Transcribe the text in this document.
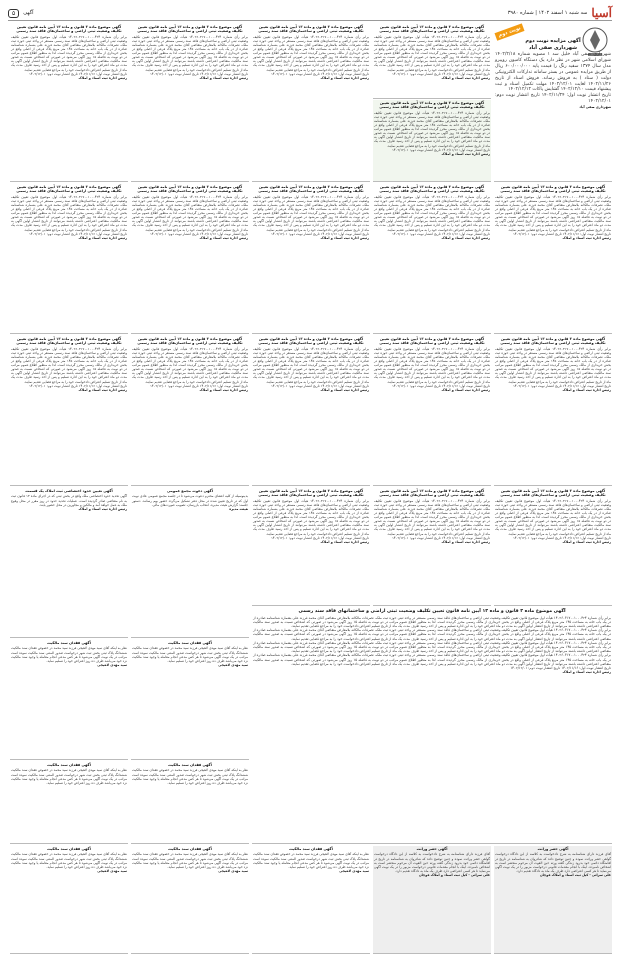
آسیا
سه شنبه ۱ اسفند ۱۴۰۲ | شماره ۳۹۸۰
آگهی
۵
نوبت دوم
آگهی مزایده نوبت دوم
شهرداری صفی آباد

شهرداری صفی آباد خلیل سد ۱ مصوبه شماره ۱۴۰۲/۲/۱۸ شورای اسلامی شهر در نظر دارد یک دستگاه کامیون روپیرو مدل سال ۱۳۷۴ سفید رنگ را قیمت پایه ۶۰۰/۰۰۰/۰۰۰ ریال از طریق مزایده عمومی در بستر سامانه تدارکات الکترونیکی دولت ( ستاد ) به فروش رساند. فروش اسناد از تاریخ ۱۴۰۲/۱۱/۲۶ لغایت ۱۴۰۲/۱۲/۰۱ مهلت تکمیل اسناد و ثبت پیشنهاد قیمت ۱۴۰۲/۱۲/۱۰ گشایش پاکات ۱۴۰۲/۱۲/۱۲

تاریخ انتشار نوبت اول: ۱۴۰۲/۱۱/۲۴ تاریخ انتشار نوبت دوم: ۱۴۰۲/۱۲/۰۱

شهرداری صفی آباد
آگهی موضوع ماده ۳ قانون و ماده ۱۳ آیین نامه قانون تعیین تکلیف وضعیت ثبتی اراضی و ساختمان‌های فاقد سند رسمی

برابر رأی شماره ۱۴۰۲۶۰۳۱۷۰۰۱۰۰۰۴۲۴ هیأت اول موضوع قانون تعیین تکلیف وضعیت ثبتی اراضی و ساختمان‌های فاقد سند رسمی مستقر در واحد ثبتی حوزه ثبت ملک، تصرفات مالکانه بلامعارض متقاضی آقای محمد فرزند علی بشماره شناسنامه صادره از در یک باب خانه به مساحت ۱۴۵ متر مربع پلاک فرعی از اصلی واقع در بخش خریداری از مالک رسمی محرز گردیده است. لذا به منظور اطلاع عموم مراتب در دو نوبت به فاصله ۱۵ روز آگهی می‌شود در صورتی که اشخاص نسبت به صدور سند مالکیت متقاضی اعتراضی داشته باشند می‌توانند از تاریخ انتشار اولین آگهی به مدت دو ماه اعتراض خود را به این اداره تسلیم و پس از اخذ رسید ظرف مدت یک ماه از تاریخ تسلیم اعتراض دادخواست خود را به مراجع قضایی تقدیم نمایند.

تاریخ انتشار نوبت اول: ۱۴۰۲/۱۱/۱۶ تاریخ انتشار نوبت دوم: ۱۴۰۲/۱۲/۰۱

رئیس اداره ثبت اسناد و املاک
آگهی موضوع ماده ۳ قانون و ماده ۱۳ آیین نامه قانون تعیین تکلیف وضعیت ثبتی اراضی و ساختمان‌های فاقد سند رسمی

برابر رأی شماره ۱۴۰۲۶۰۳۱۷۰۰۱۰۰۰۴۲۴ هیأت اول موضوع قانون تعیین تکلیف وضعیت ثبتی اراضی و ساختمان‌های فاقد سند رسمی مستقر در واحد ثبتی حوزه ثبت ملک، تصرفات مالکانه بلامعارض متقاضی آقای محمد فرزند علی بشماره شناسنامه صادره از در یک باب خانه به مساحت ۱۴۵ متر مربع پلاک فرعی از اصلی واقع در بخش خریداری از مالک رسمی محرز گردیده است. لذا به منظور اطلاع عموم مراتب در دو نوبت به فاصله ۱۵ روز آگهی می‌شود در صورتی که اشخاص نسبت به صدور سند مالکیت متقاضی اعتراضی داشته باشند می‌توانند از تاریخ انتشار اولین آگهی به مدت دو ماه اعتراض خود را به این اداره تسلیم و پس از اخذ رسید ظرف مدت یک ماه از تاریخ تسلیم اعتراض دادخواست خود را به مراجع قضایی تقدیم نمایند.

تاریخ انتشار نوبت اول: ۱۴۰۲/۱۱/۱۶ تاریخ انتشار نوبت دوم: ۱۴۰۲/۱۲/۰۱

رئیس اداره ثبت اسناد و املاک
آگهی موضوع ماده ۳ قانون و ماده ۱۳ آیین نامه قانون تعیین تکلیف وضعیت ثبتی اراضی و ساختمان‌های فاقد سند رسمی

برابر رأی شماره ۱۴۰۲۶۰۳۱۷۰۰۱۰۰۰۴۲۴ هیأت اول موضوع قانون تعیین تکلیف وضعیت ثبتی اراضی و ساختمان‌های فاقد سند رسمی مستقر در واحد ثبتی حوزه ثبت ملک، تصرفات مالکانه بلامعارض متقاضی آقای محمد فرزند علی بشماره شناسنامه صادره از در یک باب خانه به مساحت ۱۴۵ متر مربع پلاک فرعی از اصلی واقع در بخش خریداری از مالک رسمی محرز گردیده است. لذا به منظور اطلاع عموم مراتب در دو نوبت به فاصله ۱۵ روز آگهی می‌شود در صورتی که اشخاص نسبت به صدور سند مالکیت متقاضی اعتراضی داشته باشند می‌توانند از تاریخ انتشار اولین آگهی به مدت دو ماه اعتراض خود را به این اداره تسلیم و پس از اخذ رسید ظرف مدت یک ماه از تاریخ تسلیم اعتراض دادخواست خود را به مراجع قضایی تقدیم نمایند.

تاریخ انتشار نوبت اول: ۱۴۰۲/۱۱/۱۶ تاریخ انتشار نوبت دوم: ۱۴۰۲/۱۲/۰۱

رئیس اداره ثبت اسناد و املاک
آگهی موضوع ماده ۳ قانون و ماده ۱۳ آیین نامه قانون تعیین تکلیف وضعیت ثبتی اراضی و ساختمان‌های فاقد سند رسمی

برابر رأی شماره ۱۴۰۲۶۰۳۱۷۰۰۱۰۰۰۴۲۴ هیأت اول موضوع قانون تعیین تکلیف وضعیت ثبتی اراضی و ساختمان‌های فاقد سند رسمی مستقر در واحد ثبتی حوزه ثبت ملک، تصرفات مالکانه بلامعارض متقاضی آقای محمد فرزند علی بشماره شناسنامه صادره از در یک باب خانه به مساحت ۱۴۵ متر مربع پلاک فرعی از اصلی واقع در بخش خریداری از مالک رسمی محرز گردیده است. لذا به منظور اطلاع عموم مراتب در دو نوبت به فاصله ۱۵ روز آگهی می‌شود در صورتی که اشخاص نسبت به صدور سند مالکیت متقاضی اعتراضی داشته باشند می‌توانند از تاریخ انتشار اولین آگهی به مدت دو ماه اعتراض خود را به این اداره تسلیم و پس از اخذ رسید ظرف مدت یک ماه از تاریخ تسلیم اعتراض دادخواست خود را به مراجع قضایی تقدیم نمایند.

تاریخ انتشار نوبت اول: ۱۴۰۲/۱۱/۱۶ تاریخ انتشار نوبت دوم: ۱۴۰۲/۱۲/۰۱

رئیس اداره ثبت اسناد و املاک
آگهی موضوع ماده ۳ قانون و ماده ۱۳ آیین نامه قانون تعیین تکلیف وضعیت ثبتی اراضی و ساختمان‌های فاقد سند رسمی

برابر رأی شماره ۱۴۰۲۶۰۳۱۷۰۰۱۰۰۰۴۲۴ هیأت اول موضوع قانون تعیین تکلیف وضعیت ثبتی اراضی و ساختمان‌های فاقد سند رسمی مستقر در واحد ثبتی حوزه ثبت ملک، تصرفات مالکانه بلامعارض متقاضی آقای محمد فرزند علی بشماره شناسنامه صادره از در یک باب خانه به مساحت ۱۴۵ متر مربع پلاک فرعی از اصلی واقع در بخش خریداری از مالک رسمی محرز گردیده است. لذا به منظور اطلاع عموم مراتب در دو نوبت به فاصله ۱۵ روز آگهی می‌شود در صورتی که اشخاص نسبت به صدور سند مالکیت متقاضی اعتراضی داشته باشند می‌توانند از تاریخ انتشار اولین آگهی به مدت دو ماه اعتراض خود را به این اداره تسلیم و پس از اخذ رسید ظرف مدت یک ماه از تاریخ تسلیم اعتراض دادخواست خود را به مراجع قضایی تقدیم نمایند.

تاریخ انتشار نوبت اول: ۱۴۰۲/۱۱/۱۶ تاریخ انتشار نوبت دوم: ۱۴۰۲/۱۲/۰۱

رئیس اداره ثبت اسناد و املاک
آگهی موضوع ماده ۳ قانون و ماده ۱۳ آیین نامه قانون تعیین تکلیف وضعیت ثبتی اراضی و ساختمان‌های فاقد سند رسمی

برابر رأی شماره ۱۴۰۲۶۰۳۱۷۰۰۱۰۰۰۴۲۴ هیأت اول موضوع قانون تعیین تکلیف وضعیت ثبتی اراضی و ساختمان‌های فاقد سند رسمی مستقر در واحد ثبتی حوزه ثبت ملک، تصرفات مالکانه بلامعارض متقاضی آقای محمد فرزند علی بشماره شناسنامه صادره از در یک باب خانه به مساحت ۱۴۵ متر مربع پلاک فرعی از اصلی واقع در بخش خریداری از مالک رسمی محرز گردیده است. لذا به منظور اطلاع عموم مراتب در دو نوبت به فاصله ۱۵ روز آگهی می‌شود در صورتی که اشخاص نسبت به صدور سند مالکیت متقاضی اعتراضی داشته باشند می‌توانند از تاریخ انتشار اولین آگهی به مدت دو ماه اعتراض خود را به این اداره تسلیم و پس از اخذ رسید ظرف مدت یک ماه از تاریخ تسلیم اعتراض دادخواست خود را به مراجع قضایی تقدیم نمایند.

تاریخ انتشار نوبت اول: ۱۴۰۲/۱۱/۱۶ تاریخ انتشار نوبت دوم: ۱۴۰۲/۱۲/۰۱

رئیس اداره ثبت اسناد و املاک
آگهی موضوع ماده ۳ قانون و ماده ۱۳ آیین نامه قانون تعیین تکلیف وضعیت ثبتی اراضی و ساختمان‌های فاقد سند رسمی

برابر رأی شماره ۱۴۰۲۶۰۳۱۷۰۰۱۰۰۰۴۲۴ هیأت اول موضوع قانون تعیین تکلیف وضعیت ثبتی اراضی و ساختمان‌های فاقد سند رسمی مستقر در واحد ثبتی حوزه ثبت ملک، تصرفات مالکانه بلامعارض متقاضی آقای محمد فرزند علی بشماره شناسنامه صادره از در یک باب خانه به مساحت ۱۴۵ متر مربع پلاک فرعی از اصلی واقع در بخش خریداری از مالک رسمی محرز گردیده است. لذا به منظور اطلاع عموم مراتب در دو نوبت به فاصله ۱۵ روز آگهی می‌شود در صورتی که اشخاص نسبت به صدور سند مالکیت متقاضی اعتراضی داشته باشند می‌توانند از تاریخ انتشار اولین آگهی به مدت دو ماه اعتراض خود را به این اداره تسلیم و پس از اخذ رسید ظرف مدت یک ماه از تاریخ تسلیم اعتراض دادخواست خود را به مراجع قضایی تقدیم نمایند.

تاریخ انتشار نوبت اول: ۱۴۰۲/۱۱/۱۶ تاریخ انتشار نوبت دوم: ۱۴۰۲/۱۲/۰۱

رئیس اداره ثبت اسناد و املاک
آگهی موضوع ماده ۳ قانون و ماده ۱۳ آیین نامه قانون تعیین تکلیف وضعیت ثبتی اراضی و ساختمان‌های فاقد سند رسمی

برابر رأی شماره ۱۴۰۲۶۰۳۱۷۰۰۱۰۰۰۴۲۴ هیأت اول موضوع قانون تعیین تکلیف وضعیت ثبتی اراضی و ساختمان‌های فاقد سند رسمی مستقر در واحد ثبتی حوزه ثبت ملک، تصرفات مالکانه بلامعارض متقاضی آقای محمد فرزند علی بشماره شناسنامه صادره از در یک باب خانه به مساحت ۱۴۵ متر مربع پلاک فرعی از اصلی واقع در بخش خریداری از مالک رسمی محرز گردیده است. لذا به منظور اطلاع عموم مراتب در دو نوبت به فاصله ۱۵ روز آگهی می‌شود در صورتی که اشخاص نسبت به صدور سند مالکیت متقاضی اعتراضی داشته باشند می‌توانند از تاریخ انتشار اولین آگهی به مدت دو ماه اعتراض خود را به این اداره تسلیم و پس از اخذ رسید ظرف مدت یک ماه از تاریخ تسلیم اعتراض دادخواست خود را به مراجع قضایی تقدیم نمایند.

تاریخ انتشار نوبت اول: ۱۴۰۲/۱۱/۱۶ تاریخ انتشار نوبت دوم: ۱۴۰۲/۱۲/۰۱

رئیس اداره ثبت اسناد و املاک
آگهی موضوع ماده ۳ قانون و ماده ۱۳ آیین نامه قانون تعیین تکلیف وضعیت ثبتی اراضی و ساختمان‌های فاقد سند رسمی

برابر رأی شماره ۱۴۰۲۶۰۳۱۷۰۰۱۰۰۰۴۲۴ هیأت اول موضوع قانون تعیین تکلیف وضعیت ثبتی اراضی و ساختمان‌های فاقد سند رسمی مستقر در واحد ثبتی حوزه ثبت ملک، تصرفات مالکانه بلامعارض متقاضی آقای محمد فرزند علی بشماره شناسنامه صادره از در یک باب خانه به مساحت ۱۴۵ متر مربع پلاک فرعی از اصلی واقع در بخش خریداری از مالک رسمی محرز گردیده است. لذا به منظور اطلاع عموم مراتب در دو نوبت به فاصله ۱۵ روز آگهی می‌شود در صورتی که اشخاص نسبت به صدور سند مالکیت متقاضی اعتراضی داشته باشند می‌توانند از تاریخ انتشار اولین آگهی به مدت دو ماه اعتراض خود را به این اداره تسلیم و پس از اخذ رسید ظرف مدت یک ماه از تاریخ تسلیم اعتراض دادخواست خود را به مراجع قضایی تقدیم نمایند.

تاریخ انتشار نوبت اول: ۱۴۰۲/۱۱/۱۶ تاریخ انتشار نوبت دوم: ۱۴۰۲/۱۲/۰۱

رئیس اداره ثبت اسناد و املاک
آگهی موضوع ماده ۳ قانون و ماده ۱۳ آیین نامه قانون تعیین تکلیف وضعیت ثبتی اراضی و ساختمان‌های فاقد سند رسمی

برابر رأی شماره ۱۴۰۲۶۰۳۱۷۰۰۱۰۰۰۴۲۴ هیأت اول موضوع قانون تعیین تکلیف وضعیت ثبتی اراضی و ساختمان‌های فاقد سند رسمی مستقر در واحد ثبتی حوزه ثبت ملک، تصرفات مالکانه بلامعارض متقاضی آقای محمد فرزند علی بشماره شناسنامه صادره از در یک باب خانه به مساحت ۱۴۵ متر مربع پلاک فرعی از اصلی واقع در بخش خریداری از مالک رسمی محرز گردیده است. لذا به منظور اطلاع عموم مراتب در دو نوبت به فاصله ۱۵ روز آگهی می‌شود در صورتی که اشخاص نسبت به صدور سند مالکیت متقاضی اعتراضی داشته باشند می‌توانند از تاریخ انتشار اولین آگهی به مدت دو ماه اعتراض خود را به این اداره تسلیم و پس از اخذ رسید ظرف مدت یک ماه از تاریخ تسلیم اعتراض دادخواست خود را به مراجع قضایی تقدیم نمایند.

تاریخ انتشار نوبت اول: ۱۴۰۲/۱۱/۱۶ تاریخ انتشار نوبت دوم: ۱۴۰۲/۱۲/۰۱

رئیس اداره ثبت اسناد و املاک
آگهی موضوع ماده ۳ قانون و ماده ۱۳ آیین نامه قانون تعیین تکلیف وضعیت ثبتی اراضی و ساختمان‌های فاقد سند رسمی

برابر رأی شماره ۱۴۰۲۶۰۳۱۷۰۰۱۰۰۰۴۲۴ هیأت اول موضوع قانون تعیین تکلیف وضعیت ثبتی اراضی و ساختمان‌های فاقد سند رسمی مستقر در واحد ثبتی حوزه ثبت ملک، تصرفات مالکانه بلامعارض متقاضی آقای محمد فرزند علی بشماره شناسنامه صادره از در یک باب خانه به مساحت ۱۴۵ متر مربع پلاک فرعی از اصلی واقع در بخش خریداری از مالک رسمی محرز گردیده است. لذا به منظور اطلاع عموم مراتب در دو نوبت به فاصله ۱۵ روز آگهی می‌شود در صورتی که اشخاص نسبت به صدور سند مالکیت متقاضی اعتراضی داشته باشند می‌توانند از تاریخ انتشار اولین آگهی به مدت دو ماه اعتراض خود را به این اداره تسلیم و پس از اخذ رسید ظرف مدت یک ماه از تاریخ تسلیم اعتراض دادخواست خود را به مراجع قضایی تقدیم نمایند.

تاریخ انتشار نوبت اول: ۱۴۰۲/۱۱/۱۶ تاریخ انتشار نوبت دوم: ۱۴۰۲/۱۲/۰۱

رئیس اداره ثبت اسناد و املاک
آگهی موضوع ماده ۳ قانون و ماده ۱۳ آیین نامه قانون تعیین تکلیف وضعیت ثبتی اراضی و ساختمان‌های فاقد سند رسمی

برابر رأی شماره ۱۴۰۲۶۰۳۱۷۰۰۱۰۰۰۴۲۴ هیأت اول موضوع قانون تعیین تکلیف وضعیت ثبتی اراضی و ساختمان‌های فاقد سند رسمی مستقر در واحد ثبتی حوزه ثبت ملک، تصرفات مالکانه بلامعارض متقاضی آقای محمد فرزند علی بشماره شناسنامه صادره از در یک باب خانه به مساحت ۱۴۵ متر مربع پلاک فرعی از اصلی واقع در بخش خریداری از مالک رسمی محرز گردیده است. لذا به منظور اطلاع عموم مراتب در دو نوبت به فاصله ۱۵ روز آگهی می‌شود در صورتی که اشخاص نسبت به صدور سند مالکیت متقاضی اعتراضی داشته باشند می‌توانند از تاریخ انتشار اولین آگهی به مدت دو ماه اعتراض خود را به این اداره تسلیم و پس از اخذ رسید ظرف مدت یک ماه از تاریخ تسلیم اعتراض دادخواست خود را به مراجع قضایی تقدیم نمایند.

تاریخ انتشار نوبت اول: ۱۴۰۲/۱۱/۱۶ تاریخ انتشار نوبت دوم: ۱۴۰۲/۱۲/۰۱

رئیس اداره ثبت اسناد و املاک
آگهی موضوع ماده ۳ قانون و ماده ۱۳ آیین نامه قانون تعیین تکلیف وضعیت ثبتی اراضی و ساختمان‌های فاقد سند رسمی

برابر رأی شماره ۱۴۰۲۶۰۳۱۷۰۰۱۰۰۰۴۲۴ هیأت اول موضوع قانون تعیین تکلیف وضعیت ثبتی اراضی و ساختمان‌های فاقد سند رسمی مستقر در واحد ثبتی حوزه ثبت ملک، تصرفات مالکانه بلامعارض متقاضی آقای محمد فرزند علی بشماره شناسنامه صادره از در یک باب خانه به مساحت ۱۴۵ متر مربع پلاک فرعی از اصلی واقع در بخش خریداری از مالک رسمی محرز گردیده است. لذا به منظور اطلاع عموم مراتب در دو نوبت به فاصله ۱۵ روز آگهی می‌شود در صورتی که اشخاص نسبت به صدور سند مالکیت متقاضی اعتراضی داشته باشند می‌توانند از تاریخ انتشار اولین آگهی به مدت دو ماه اعتراض خود را به این اداره تسلیم و پس از اخذ رسید ظرف مدت یک ماه از تاریخ تسلیم اعتراض دادخواست خود را به مراجع قضایی تقدیم نمایند.

تاریخ انتشار نوبت اول: ۱۴۰۲/۱۱/۱۶ تاریخ انتشار نوبت دوم: ۱۴۰۲/۱۲/۰۱

رئیس اداره ثبت اسناد و املاک
آگهی موضوع ماده ۳ قانون و ماده ۱۳ آیین نامه قانون تعیین تکلیف وضعیت ثبتی اراضی و ساختمان‌های فاقد سند رسمی

برابر رأی شماره ۱۴۰۲۶۰۳۱۷۰۰۱۰۰۰۴۲۴ هیأت اول موضوع قانون تعیین تکلیف وضعیت ثبتی اراضی و ساختمان‌های فاقد سند رسمی مستقر در واحد ثبتی حوزه ثبت ملک، تصرفات مالکانه بلامعارض متقاضی آقای محمد فرزند علی بشماره شناسنامه صادره از در یک باب خانه به مساحت ۱۴۵ متر مربع پلاک فرعی از اصلی واقع در بخش خریداری از مالک رسمی محرز گردیده است. لذا به منظور اطلاع عموم مراتب در دو نوبت به فاصله ۱۵ روز آگهی می‌شود در صورتی که اشخاص نسبت به صدور سند مالکیت متقاضی اعتراضی داشته باشند می‌توانند از تاریخ انتشار اولین آگهی به مدت دو ماه اعتراض خود را به این اداره تسلیم و پس از اخذ رسید ظرف مدت یک ماه از تاریخ تسلیم اعتراض دادخواست خود را به مراجع قضایی تقدیم نمایند.

تاریخ انتشار نوبت اول: ۱۴۰۲/۱۱/۱۶ تاریخ انتشار نوبت دوم: ۱۴۰۲/۱۲/۰۱

رئیس اداره ثبت اسناد و املاک
آگهی موضوع ماده ۳ قانون و ماده ۱۳ آیین نامه قانون تعیین تکلیف وضعیت ثبتی اراضی و ساختمان‌های فاقد سند رسمی

برابر رأی شماره ۱۴۰۲۶۰۳۱۷۰۰۱۰۰۰۴۲۴ هیأت اول موضوع قانون تعیین تکلیف وضعیت ثبتی اراضی و ساختمان‌های فاقد سند رسمی مستقر در واحد ثبتی حوزه ثبت ملک، تصرفات مالکانه بلامعارض متقاضی آقای محمد فرزند علی بشماره شناسنامه صادره از در یک باب خانه به مساحت ۱۴۵ متر مربع پلاک فرعی از اصلی واقع در بخش خریداری از مالک رسمی محرز گردیده است. لذا به منظور اطلاع عموم مراتب در دو نوبت به فاصله ۱۵ روز آگهی می‌شود در صورتی که اشخاص نسبت به صدور سند مالکیت متقاضی اعتراضی داشته باشند می‌توانند از تاریخ انتشار اولین آگهی به مدت دو ماه اعتراض خود را به این اداره تسلیم و پس از اخذ رسید ظرف مدت یک ماه از تاریخ تسلیم اعتراض دادخواست خود را به مراجع قضایی تقدیم نمایند.

تاریخ انتشار نوبت اول: ۱۴۰۲/۱۱/۱۶ تاریخ انتشار نوبت دوم: ۱۴۰۲/۱۲/۰۱

رئیس اداره ثبت اسناد و املاک
آگهی موضوع ماده ۳ قانون و ماده ۱۳ آیین نامه قانون تعیین تکلیف وضعیت ثبتی اراضی و ساختمان‌های فاقد سند رسمی

برابر رأی شماره ۱۴۰۲۶۰۳۱۷۰۰۱۰۰۰۴۲۴ هیأت اول موضوع قانون تعیین تکلیف وضعیت ثبتی اراضی و ساختمان‌های فاقد سند رسمی مستقر در واحد ثبتی حوزه ثبت ملک، تصرفات مالکانه بلامعارض متقاضی آقای محمد فرزند علی بشماره شناسنامه صادره از در یک باب خانه به مساحت ۱۴۵ متر مربع پلاک فرعی از اصلی واقع در بخش خریداری از مالک رسمی محرز گردیده است. لذا به منظور اطلاع عموم مراتب در دو نوبت به فاصله ۱۵ روز آگهی می‌شود در صورتی که اشخاص نسبت به صدور سند مالکیت متقاضی اعتراضی داشته باشند می‌توانند از تاریخ انتشار اولین آگهی به مدت دو ماه اعتراض خود را به این اداره تسلیم و پس از اخذ رسید ظرف مدت یک ماه از تاریخ تسلیم اعتراض دادخواست خود را به مراجع قضایی تقدیم نمایند.

تاریخ انتشار نوبت اول: ۱۴۰۲/۱۱/۱۶ تاریخ انتشار نوبت دوم: ۱۴۰۲/۱۲/۰۱

رئیس اداره ثبت اسناد و املاک
آگهی موضوع ماده ۳ قانون و ماده ۱۳ آیین نامه قانون تعیین تکلیف وضعیت ثبتی اراضی و ساختمان‌های فاقد سند رسمی

برابر رأی شماره ۱۴۰۲۶۰۳۱۷۰۰۱۰۰۰۴۲۴ هیأت اول موضوع قانون تعیین تکلیف وضعیت ثبتی اراضی و ساختمان‌های فاقد سند رسمی مستقر در واحد ثبتی حوزه ثبت ملک، تصرفات مالکانه بلامعارض متقاضی آقای محمد فرزند علی بشماره شناسنامه صادره از در یک باب خانه به مساحت ۱۴۵ متر مربع پلاک فرعی از اصلی واقع در بخش خریداری از مالک رسمی محرز گردیده است. لذا به منظور اطلاع عموم مراتب در دو نوبت به فاصله ۱۵ روز آگهی می‌شود در صورتی که اشخاص نسبت به صدور سند مالکیت متقاضی اعتراضی داشته باشند می‌توانند از تاریخ انتشار اولین آگهی به مدت دو ماه اعتراض خود را به این اداره تسلیم و پس از اخذ رسید ظرف مدت یک ماه از تاریخ تسلیم اعتراض دادخواست خود را به مراجع قضایی تقدیم نمایند.

تاریخ انتشار نوبت اول: ۱۴۰۲/۱۱/۱۶ تاریخ انتشار نوبت دوم: ۱۴۰۲/۱۲/۰۱

رئیس اداره ثبت اسناد و املاک
آگهی موضوع ماده ۳ قانون و ماده ۱۳ آیین نامه قانون تعیین تکلیف وضعیت ثبتی اراضی و ساختمان‌های فاقد سند رسمی

برابر رأی شماره ۱۴۰۲۶۰۳۱۷۰۰۱۰۰۰۴۲۴ هیأت اول موضوع قانون تعیین تکلیف وضعیت ثبتی اراضی و ساختمان‌های فاقد سند رسمی مستقر در واحد ثبتی حوزه ثبت ملک، تصرفات مالکانه بلامعارض متقاضی آقای محمد فرزند علی بشماره شناسنامه صادره از در یک باب خانه به مساحت ۱۴۵ متر مربع پلاک فرعی از اصلی واقع در بخش خریداری از مالک رسمی محرز گردیده است. لذا به منظور اطلاع عموم مراتب در دو نوبت به فاصله ۱۵ روز آگهی می‌شود در صورتی که اشخاص نسبت به صدور سند مالکیت متقاضی اعتراضی داشته باشند می‌توانند از تاریخ انتشار اولین آگهی به مدت دو ماه اعتراض خود را به این اداره تسلیم و پس از اخذ رسید ظرف مدت یک ماه از تاریخ تسلیم اعتراض دادخواست خود را به مراجع قضایی تقدیم نمایند.

تاریخ انتشار نوبت اول: ۱۴۰۲/۱۱/۱۶ تاریخ انتشار نوبت دوم: ۱۴۰۲/۱۲/۰۱

رئیس اداره ثبت اسناد و املاک
آگهی دعوت مجمع عمومی

بدینوسیله از کلیه اعضای محترم دعوت می‌شود تا در جلسه مجمع عمومی عادی نوبت اول که در تاریخ تعیین شده در محل دفتر تشکیل می‌گردد حضور بهم رسانند. دستور جلسه: گزارش هیئت مدیره، انتخاب بازرسان، تصویب صورت‌های مالی.

هیئت مدیره
آگهی تعیین حدود اختصاصی ثبت املاک یک قسمت

آگهی تحدید حدود اختصاصی ملک واقع در بخش ثبتی که در اجرای ماده ۱۳ قانون ثبت به نام متقاضی صادر گردیده است، عملیات تحدید حدود در روز مقرر در محل وقوع ملک به عمل خواهد آمد و مالکین و مجاورین در محل حضور یابند.

رئیس اداره ثبت اسناد و املاک
آگهی موضوع ماده ۳ قانون و ماده ۱۳ آیین نامه قانون تعیین تکلیف وضعیت ثبتی اراضی و ساختمانهای فاقد سند رسمی

برابر رأی شماره ۱۴۰۲۶۰۳۱۷۰۰۱۰۰۰۴۲۴ هیأت اول موضوع قانون تعیین تکلیف وضعیت ثبتی اراضی و ساختمان‌های فاقد سند رسمی مستقر در واحد ثبتی حوزه ثبت ملک، تصرفات مالکانه بلامعارض متقاضی آقای محمد فرزند علی بشماره شناسنامه صادره از در یک باب خانه به مساحت ۱۴۵ متر مربع پلاک فرعی از اصلی واقع در بخش خریداری از مالک رسمی محرز گردیده است. لذا به منظور اطلاع عموم مراتب در دو نوبت به فاصله ۱۵ روز آگهی می‌شود در صورتی که اشخاص نسبت به صدور سند مالکیت متقاضی اعتراضی داشته باشند می‌توانند از تاریخ انتشار اولین آگهی به مدت دو ماه اعتراض خود را به این اداره تسلیم و پس از اخذ رسید ظرف مدت یک ماه از تاریخ تسلیم اعتراض دادخواست خود را به مراجع قضایی تقدیم نمایند.

برابر رأی شماره ۱۴۰۲۶۰۳۱۷۰۰۱۰۰۰۴۲۴ هیأت اول موضوع قانون تعیین تکلیف وضعیت ثبتی اراضی و ساختمان‌های فاقد سند رسمی مستقر در واحد ثبتی حوزه ثبت ملک، تصرفات مالکانه بلامعارض متقاضی آقای محمد فرزند علی بشماره شناسنامه صادره از در یک باب خانه به مساحت ۱۴۵ متر مربع پلاک فرعی از اصلی واقع در بخش خریداری از مالک رسمی محرز گردیده است. لذا به منظور اطلاع عموم مراتب در دو نوبت به فاصله ۱۵ روز آگهی می‌شود در صورتی که اشخاص نسبت به صدور سند مالکیت متقاضی اعتراضی داشته باشند می‌توانند از تاریخ انتشار اولین آگهی به مدت دو ماه اعتراض خود را به این اداره تسلیم و پس از اخذ رسید ظرف مدت یک ماه از تاریخ تسلیم اعتراض دادخواست خود را به مراجع قضایی تقدیم نمایند.

برابر رأی شماره ۱۴۰۲۶۰۳۱۷۰۰۱۰۰۰۴۲۴ هیأت اول موضوع قانون تعیین تکلیف وضعیت ثبتی اراضی و ساختمان‌های فاقد سند رسمی مستقر در واحد ثبتی حوزه ثبت ملک، تصرفات مالکانه بلامعارض متقاضی آقای محمد فرزند علی بشماره شناسنامه صادره از در یک باب خانه به مساحت ۱۴۵ متر مربع پلاک فرعی از اصلی واقع در بخش خریداری از مالک رسمی محرز گردیده است. لذا به منظور اطلاع عموم مراتب در دو نوبت به فاصله ۱۵ روز آگهی می‌شود در صورتی که اشخاص نسبت به صدور سند مالکیت متقاضی اعتراضی داشته باشند می‌توانند از تاریخ انتشار اولین آگهی به مدت دو ماه اعتراض خود را به این اداره تسلیم و پس از اخذ رسید ظرف مدت یک ماه از تاریخ تسلیم اعتراض دادخواست خود را به مراجع قضایی تقدیم نمایند.

برابر رأی شماره ۱۴۰۲۶۰۳۱۷۰۰۱۰۰۰۴۲۴ هیأت اول موضوع قانون تعیین تکلیف وضعیت ثبتی اراضی و ساختمان‌های فاقد سند رسمی مستقر در واحد ثبتی حوزه ثبت ملک، تصرفات مالکانه بلامعارض متقاضی آقای محمد فرزند علی بشماره شناسنامه صادره از در یک باب خانه به مساحت ۱۴۵ متر مربع پلاک فرعی از اصلی واقع در بخش خریداری از مالک رسمی محرز گردیده است. لذا به منظور اطلاع عموم مراتب در دو نوبت به فاصله ۱۵ روز آگهی می‌شود در صورتی که اشخاص نسبت به صدور سند مالکیت متقاضی اعتراضی داشته باشند می‌توانند از تاریخ انتشار اولین آگهی به مدت دو ماه اعتراض خود را به این اداره تسلیم و پس از اخذ رسید ظرف مدت یک ماه از تاریخ تسلیم اعتراض دادخواست خود را به مراجع قضایی تقدیم نمایند.

تاریخ انتشار نوبت اول: ۱۴۰۲/۱۱/۱۶ تاریخ انتشار نوبت دوم: ۱۴۰۲/۱۲/۰۱

رئیس اداره ثبت اسناد و املاک
آگهی فقدان سند مالکیت

نظر به اینکه آقای سید مهدی لاهیجی فرزند سید محمد در خصوص فقدان سند مالکیت ششدانگ پلاک ثبتی بخش ثبت شهر درخواست صدور المثنی سند مالکیت نموده است مراتب در یک نوبت آگهی می‌شود تا هر کس مدعی انجام معامله یا وجود سند مالکیت نزد خود می‌باشد ظرف ده روز اعتراض خود را تسلیم نماید.

سید مهدی لاهیجی
آگهی فقدان سند مالکیت

نظر به اینکه آقای سید مهدی لاهیجی فرزند سید محمد در خصوص فقدان سند مالکیت ششدانگ پلاک ثبتی بخش ثبت شهر درخواست صدور المثنی سند مالکیت نموده است مراتب در یک نوبت آگهی می‌شود تا هر کس مدعی انجام معامله یا وجود سند مالکیت نزد خود می‌باشد ظرف ده روز اعتراض خود را تسلیم نماید.

سید مهدی لاهیجی
آگهی فقدان سند مالکیت

نظر به اینکه آقای سید مهدی لاهیجی فرزند سید محمد در خصوص فقدان سند مالکیت ششدانگ پلاک ثبتی بخش ثبت شهر درخواست صدور المثنی سند مالکیت نموده است مراتب در یک نوبت آگهی می‌شود تا هر کس مدعی انجام معامله یا وجود سند مالکیت نزد خود می‌باشد ظرف ده روز اعتراض خود را تسلیم نماید.

آگهی فقدان سند مالکیت

نظر به اینکه آقای سید مهدی لاهیجی فرزند سید محمد در خصوص فقدان سند مالکیت ششدانگ پلاک ثبتی بخش ثبت شهر درخواست صدور المثنی سند مالکیت نموده است مراتب در یک نوبت آگهی می‌شود تا هر کس مدعی انجام معامله یا وجود سند مالکیت نزد خود می‌باشد ظرف ده روز اعتراض خود را تسلیم نماید.

آگهی حصر وراثت

آقای فرزند دارای شناسنامه به شرح دادخواست به کلاسه از این دادگاه درخواست گواهی حصر وراثت نموده و چنین توضیح داده که شادروان به شناسنامه در تاریخ در اقامتگاه دائمی خود بدرود زندگی گفته ورثه حین الفوت آن مرحوم منحصر است به اشخاص نامبرده. اینک با انجام مقدمات قانونی درخواست مزبور را در یک نوبت آگهی می‌نماید تا هر کسی اعتراضی دارد ظرف یک ماه به دادگاه تقدیم دارد.

علی سرائی - کیل ثبت اسناد و املاک قوچان
آگهی حصر وراثت

آقای فرزند دارای شناسنامه به شرح دادخواست به کلاسه از این دادگاه درخواست گواهی حصر وراثت نموده و چنین توضیح داده که شادروان به شناسنامه در تاریخ در اقامتگاه دائمی خود بدرود زندگی گفته ورثه حین الفوت آن مرحوم منحصر است به اشخاص نامبرده. اینک با انجام مقدمات قانونی درخواست مزبور را در یک نوبت آگهی می‌نماید تا هر کسی اعتراضی دارد ظرف یک ماه به دادگاه تقدیم دارد.

علی سرائی - کیل ثبت اسناد و املاک قوچان
آگهی فقدان سند مالکیت

نظر به اینکه آقای سید مهدی لاهیجی فرزند سید محمد در خصوص فقدان سند مالکیت ششدانگ پلاک ثبتی بخش ثبت شهر درخواست صدور المثنی سند مالکیت نموده است مراتب در یک نوبت آگهی می‌شود تا هر کس مدعی انجام معامله یا وجود سند مالکیت نزد خود می‌باشد ظرف ده روز اعتراض خود را تسلیم نماید.

سید مهدی لاهیجی
آگهی فقدان سند مالکیت

نظر به اینکه آقای سید مهدی لاهیجی فرزند سید محمد در خصوص فقدان سند مالکیت ششدانگ پلاک ثبتی بخش ثبت شهر درخواست صدور المثنی سند مالکیت نموده است مراتب در یک نوبت آگهی می‌شود تا هر کس مدعی انجام معامله یا وجود سند مالکیت نزد خود می‌باشد ظرف ده روز اعتراض خود را تسلیم نماید.

سید مهدی لاهیجی
آگهی فقدان سند مالکیت

نظر به اینکه آقای سید مهدی لاهیجی فرزند سید محمد در خصوص فقدان سند مالکیت ششدانگ پلاک ثبتی بخش ثبت شهر درخواست صدور المثنی سند مالکیت نموده است مراتب در یک نوبت آگهی می‌شود تا هر کس مدعی انجام معامله یا وجود سند مالکیت نزد خود می‌باشد ظرف ده روز اعتراض خود را تسلیم نماید.

سید مهدی لاهیجی
